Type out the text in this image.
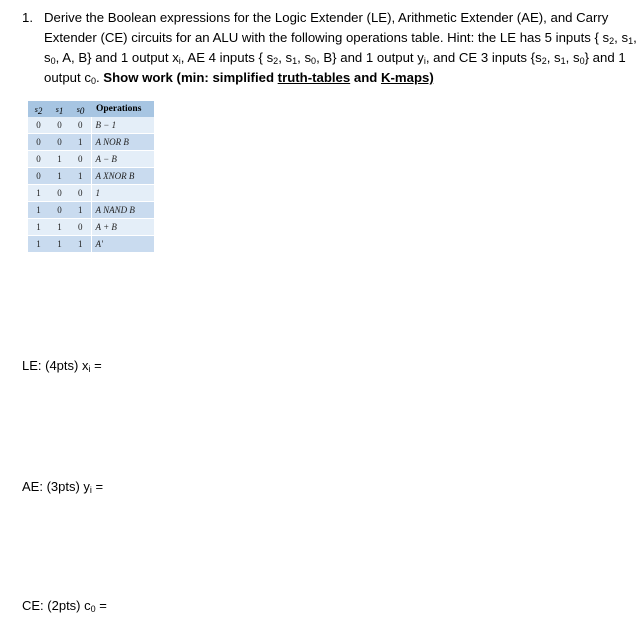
1. Derive the Boolean expressions for the Logic Extender (LE), Arithmetic Extender (AE), and Carry Extender (CE) circuits for an ALU with the following operations table. Hint: the LE has 5 inputs { $s_2$, $s_1$, $s_0$, A, B} and 1 output $x_i$, AE 4 inputs { $s_2$, $s_1$, $s_0$, B} and 1 output $y_i$, and CE 3 inputs {$s_2$, $s_1$, $s_0$} and 1 output $c_0$. Show work (min: simplified truth-tables and K-maps)
$s_2$	$s_1$	$s_0$	Operations
0	0	0	B − 1
0	0	1	A NOR B
0	1	0	A − B
0	1	1	A XNOR B
1	0	0	1
1	0	1	A NAND B
1	1	0	A + B
1	1	1	A'
LE: (4pts) $x_i$ =
AE: (3pts) $y_i$ =
CE: (2pts) $c_0$ =
